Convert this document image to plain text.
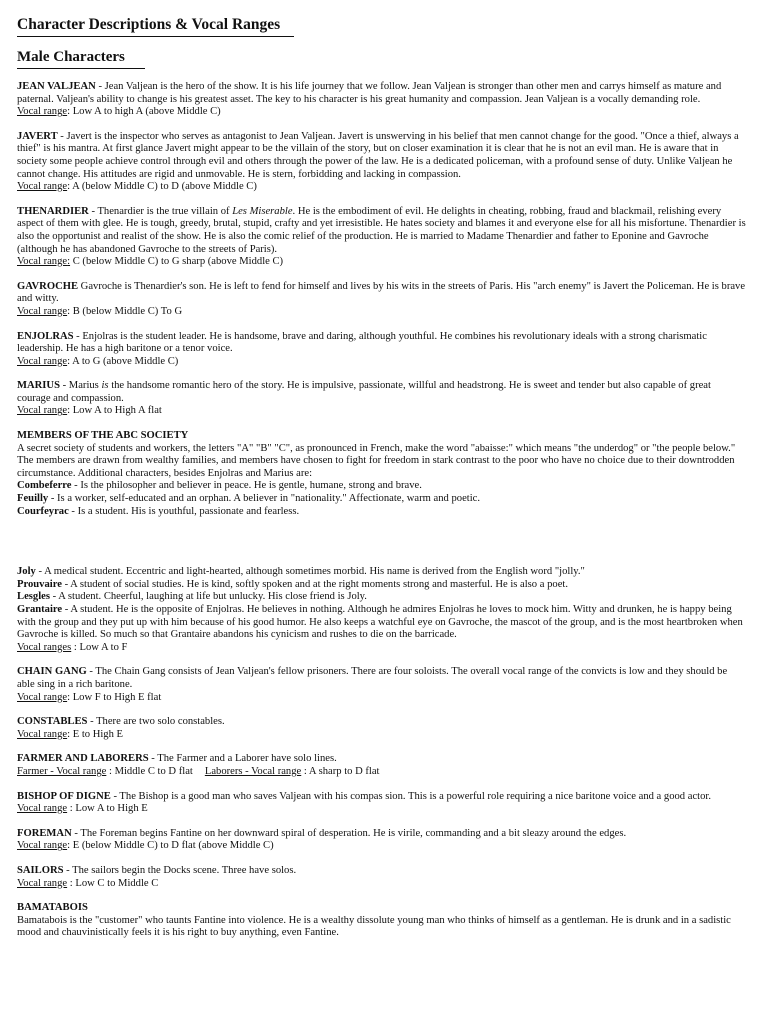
Character Descriptions & Vocal Ranges
Male Characters

JEAN VALJEAN - Jean Valjean is the hero of the show. It is his life journey that we follow. Jean Valjean is stronger than other men and carrys himself as mature and paternal. Valjean's ability to change is his greatest asset. The key to his character is his great humanity and compassion. Jean Valjean is a vocally demanding role.

Vocal range: Low A to high A (above Middle C)

JAVERT - Javert is the inspector who serves as antagonist to Jean Valjean. Javert is unswerving in his belief that men cannot change for the good. "Once a thief, always a thief" is his mantra. At first glance Javert might appear to be the villain of the story, but on closer examination it is clear that he is not an evil man. He is aware that in society some people achieve control through evil and others through the power of the law. He is a dedicated policeman, with a profound sense of duty. Unlike Valjean he cannot change. His attitudes are rigid and unmovable. He is stern, forbidding and lacking in compassion.

Vocal range: A (below Middle C) to D (above Middle C)

THENARDIER - Thenardier is the true villain of Les Miserable. He is the embodiment of evil. He delights in cheating, robbing, fraud and blackmail, relishing every aspect of them with glee. He is tough, greedy, brutal, stupid, crafty and yet irresistible. He hates society and blames it and everyone else for all his misfortune. Thenardier is also the opportunist and realist of the show. He is also the comic relief of the production. He is married to Madame Thenardier and father to Eponine and Gavroche (although he has abandoned Gavroche to the streets of Paris).

Vocal range: C (below Middle C) to G sharp (above Middle C)

GAVROCHE Gavroche is Thenardier's son. He is left to fend for himself and lives by his wits in the streets of Paris. His "arch enemy" is Javert the Policeman. He is brave and witty.

Vocal range: B (below Middle C) To G

ENJOLRAS - Enjolras is the student leader. He is handsome, brave and daring, although youthful. He combines his revolutionary ideals with a strong charismatic leadership. He has a high baritone or a tenor voice.

Vocal range: A to G (above Middle C)

MARIUS - Marius is the handsome romantic hero of the story. He is impulsive, passionate, willful and headstrong. He is sweet and tender but also capable of great courage and compassion.

Vocal range: Low A to High A flat

MEMBERS OF THE ABC SOCIETY

A secret society of students and workers, the letters "A" "B" "C", as pronounced in French, make the word "abaisse:" which means "the underdog" or "the people below." The members are drawn from wealthy families, and members have chosen to fight for freedom in stark contrast to the poor who have no choice due to their downtrodden circumstance. Additional characters, besides Enjolras and Marius are:

Combeferre - Is the philosopher and believer in peace. He is gentle, humane, strong and brave.

Feuilly - Is a worker, self-educated and an orphan. A believer in "nationality." Affectionate, warm and poetic.

Courfeyrac - Is a student. His is youthful, passionate and fearless.

Joly - A medical student. Eccentric and light-hearted, although sometimes morbid. His name is derived from the English word "jolly."

Prouvaire - A student of social studies. He is kind, softly spoken and at the right moments strong and masterful. He is also a poet.

Lesgles - A student. Cheerful, laughing at life but unlucky. His close friend is Joly.

Grantaire - A student. He is the opposite of Enjolras. He believes in nothing. Although he admires Enjolras he loves to mock him. Witty and drunken, he is happy being with the group and they put up with him because of his good humor. He also keeps a watchful eye on Gavroche, the mascot of the group, and is the most heartbroken when Gavroche is killed. So much so that Grantaire abandons his cynicism and rushes to die on the barricade.

Vocal ranges : Low A to F

CHAIN GANG - The Chain Gang consists of Jean Valjean's fellow prisoners. There are four soloists. The overall vocal range of the convicts is low and they should be able sing in a rich baritone.

Vocal range: Low F to High E flat

CONSTABLES - There are two solo constables.

Vocal range: E to High E

FARMER AND LABORERS - The Farmer and a Laborer have solo lines.

Farmer - Vocal range : Middle C to D flat Laborers - Vocal range : A sharp to D flat

BISHOP OF DIGNE - The Bishop is a good man who saves Valjean with his compas sion. This is a powerful role requiring a nice baritone voice and a good actor.

Vocal range : Low A to High E

FOREMAN - The Foreman begins Fantine on her downward spiral of desperation. He is virile, commanding and a bit sleazy around the edges.

Vocal range: E (below Middle C) to D flat (above Middle C)

SAILORS - The sailors begin the Docks scene. Three have solos.

Vocal range : Low C to Middle C

BAMATABOIS

Bamatabois is the "customer" who taunts Fantine into violence. He is a wealthy dissolute young man who thinks of himself as a gentleman. He is drunk and in a sadistic mood and chauvinistically feels it is his right to buy anything, even Fantine.
